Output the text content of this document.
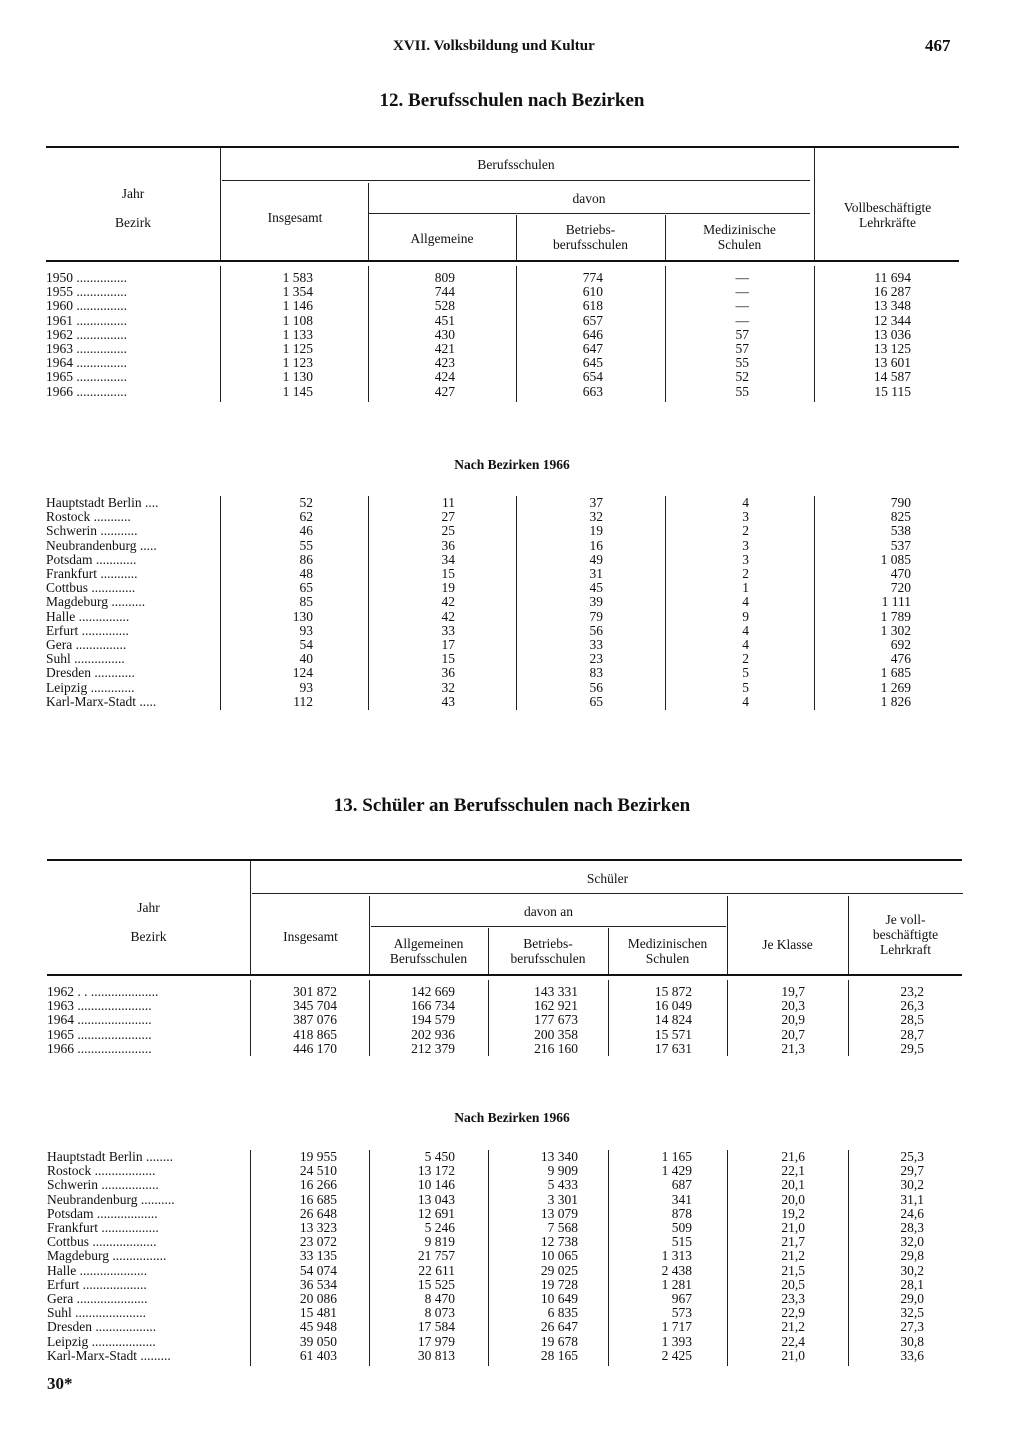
XVII. Volksbildung und Kultur	467
12. Berufsschulen nach Bezirken
Jahr
Bezirk
Berufsschulen
Insgesamt
davon
Allgemeine
Betriebs-
berufsschulen
Medizinische
Schulen
Vollbeschäftigte
Lehrkräfte
1950 ...............	1 583	809	774	—	11 694
1955 ...............	1 354	744	610	—	16 287
1960 ...............	1 146	528	618	—	13 348
1961 ...............	1 108	451	657	—	12 344
1962 ...............	1 133	430	646	57	13 036
1963 ...............	1 125	421	647	57	13 125
1964 ...............	1 123	423	645	55	13 601
1965 ...............	1 130	424	654	52	14 587
1966 ...............	1 145	427	663	55	15 115
Nach Bezirken 1966
Hauptstadt Berlin ....	52	11	37	4	790
Rostock ...........	62	27	32	3	825
Schwerin ...........	46	25	19	2	538
Neubrandenburg .....	55	36	16	3	537
Potsdam ............	86	34	49	3	1 085
Frankfurt ...........	48	15	31	2	470
Cottbus .............	65	19	45	1	720
Magdeburg ..........	85	42	39	4	1 111
Halle ...............	130	42	79	9	1 789
Erfurt ..............	93	33	56	4	1 302
Gera ...............	54	17	33	4	692
Suhl ...............	40	15	23	2	476
Dresden ............	124	36	83	5	1 685
Leipzig .............	93	32	56	5	1 269
Karl-Marx-Stadt .....	112	43	65	4	1 826
13. Schüler an Berufsschulen nach Bezirken
Jahr
Bezirk
Schüler
Insgesamt
davon an
Allgemeinen
Berufsschulen
Betriebs-
berufsschulen
Medizinischen
Schulen
Je Klasse
Je voll-
beschäftigte
Lehrkraft
1962 . . ....................	301 872	142 669	143 331	15 872	19,7	23,2
1963 ......................	345 704	166 734	162 921	16 049	20,3	26,3
1964 ......................	387 076	194 579	177 673	14 824	20,9	28,5
1965 ......................	418 865	202 936	200 358	15 571	20,7	28,7
1966 ......................	446 170	212 379	216 160	17 631	21,3	29,5
Nach Bezirken 1966
Hauptstadt Berlin ........	19 955	5 450	13 340	1 165	21,6	25,3
Rostock ..................	24 510	13 172	9 909	1 429	22,1	29,7
Schwerin .................	16 266	10 146	5 433	687	20,1	30,2
Neubrandenburg ..........	16 685	13 043	3 301	341	20,0	31,1
Potsdam ..................	26 648	12 691	13 079	878	19,2	24,6
Frankfurt .................	13 323	5 246	7 568	509	21,0	28,3
Cottbus ...................	23 072	9 819	12 738	515	21,7	32,0
Magdeburg ................	33 135	21 757	10 065	1 313	21,2	29,8
Halle ....................	54 074	22 611	29 025	2 438	21,5	30,2
Erfurt ...................	36 534	15 525	19 728	1 281	20,5	28,1
Gera .....................	20 086	8 470	10 649	967	23,3	29,0
Suhl .....................	15 481	8 073	6 835	573	22,9	32,5
Dresden ..................	45 948	17 584	26 647	1 717	21,2	27,3
Leipzig ...................	39 050	17 979	19 678	1 393	22,4	30,8
Karl-Marx-Stadt .........	61 403	30 813	28 165	2 425	21,0	33,6
30*
